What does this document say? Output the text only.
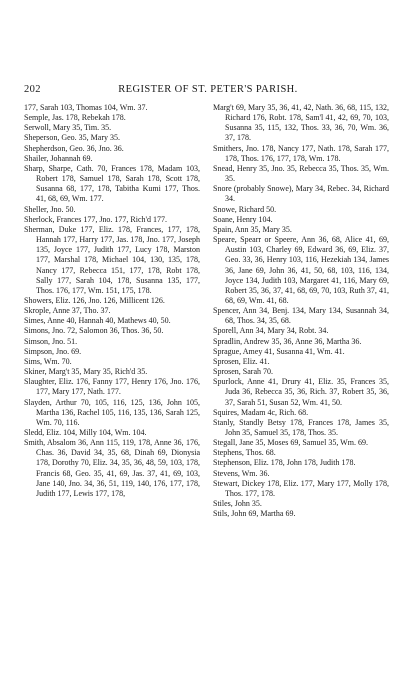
202	REGISTER OF ST. PETER'S PARISH.
177, Sarah 103, Thomas 104, Wm. 37.
Semple, Jas. 178, Rebekah 178.
Serwoll, Mary 35, Tim. 35.
Sheperson, Geo. 35, Mary 35.
Shepherdson, Geo. 36, Jno. 36.
Shailer, Johannah 69.
Sharp, Sharpe, Cath. 70, Frances 178, Madam 103, Robert 178, Samuel 178, Sarah 178, Scott 178, Susanna 68, 177, 178, Tabitha Kumi 177, Thos. 41, 68, 69, Wm. 177.
Sheller, Jno. 50.
Sherlock, Frances 177, Jno. 177, Rich'd 177.
Sherman, Duke 177, Eliz. 178, Frances, 177, 178, Hannah 177, Harry 177, Jas. 178, Jno. 177, Joseph 135, Joyce 177, Judith 177, Lucy 178, Marston 177, Marshal 178, Michael 104, 130, 135, 178, Nancy 177, Rebecca 151, 177, 178, Robt 178, Sally 177, Sarah 104, 178, Susanna 135, 177, Thos. 176, 177, Wm. 151, 175, 178.
Showers, Eliz. 126, Jno. 126, Millicent 126.
Skrople, Anne 37, Tho. 37.
Simes, Anne 40, Hannah 40, Mathews 40, 50.
Simons, Jno. 72, Salomon 36, Thos. 36, 50.
Simson, Jno. 51.
Simpson, Jno. 69.
Sims, Wm. 70.
Skiner, Marg't 35, Mary 35, Rich'd 35.
Slaughter, Eliz. 176, Fanny 177, Henry 176, Jno. 176, 177, Mary 177, Nath. 177.
Slayden, Arthur 70, 105, 116, 125, 136, John 105, Martha 136, Rachel 105, 116, 135, 136, Sarah 125, Wm. 70, 116.
Sledd, Eliz. 104, Milly 104, Wm. 104.
Smith, Absalom 36, Ann 115, 119, 178, Anne 36, 176, Chas. 36, David 34, 35, 68, Dinah 69, Dionysia 178, Dorothy 70, Eliz. 34, 35, 36, 48, 59, 103, 178, Francis 68, Geo. 35, 41, 69, Jas. 37, 41, 69, 103, Jane 140, Jno. 34, 36, 51, 119, 140, 176, 177, 178, Judith 177, Lewis 177, 178,
Marg't 69, Mary 35, 36, 41, 42, Nath. 36, 68, 115, 132, Richard 176, Robt. 178, Sam'l 41, 42, 69, 70, 103, Susanna 35, 115, 132, Thos. 33, 36, 70, Wm. 36, 37, 178.
Smithers, Jno. 178, Nancy 177, Nath. 178, Sarah 177, 178, Thos. 176, 177, 178, Wm. 178.
Snead, Henry 35, Jno. 35, Rebecca 35, Thos. 35, Wm. 35.
Snore (probably Snowe), Mary 34, Rebec. 34, Richard 34.
Snowe, Richard 50.
Soane, Henry 104.
Spain, Ann 35, Mary 35.
Speare, Spearr or Speere, Ann 36, 68, Alice 41, 69, Austin 103, Charley 69, Edward 36, 69, Eliz. 37, Geo. 33, 36, Henry 103, 116, Hezekiah 134, James 36, Jane 69, John 36, 41, 50, 68, 103, 116, 134, Joyce 134, Judith 103, Margaret 41, 116, Mary 69, Robert 35, 36, 37, 41, 68, 69, 70, 103, Ruth 37, 41, 68, 69, Wm. 41, 68.
Spencer, Ann 34, Benj. 134, Mary 134, Susannah 34, 68, Thos. 34, 35, 68.
Sporell, Ann 34, Mary 34, Robt. 34.
Spradlin, Andrew 35, 36, Anne 36, Martha 36.
Sprague, Amey 41, Susanna 41, Wm. 41.
Sprosen, Eliz. 41.
Sprosen, Sarah 70.
Spurlock, Anne 41, Drury 41, Eliz. 35, Frances 35, Juda 36, Rebecca 35, 36, Rich. 37, Robert 35, 36, 37, Sarah 51, Susan 52, Wm. 41, 50.
Squires, Madam 4c, Rich. 68.
Stanly, Standly Betsy 178, Frances 178, James 35, John 35, Samuel 35, 178, Thos. 35.
Stegall, Jane 35, Moses 69, Samuel 35, Wm. 69.
Stephens, Thos. 68.
Stephenson, Eliz. 178, John 178, Judith 178.
Stevens, Wm. 36.
Stewart, Dickey 178, Eliz. 177, Mary 177, Molly 178, Thos. 177, 178.
Stiles, John 35.
Stils, John 69, Martha 69.
